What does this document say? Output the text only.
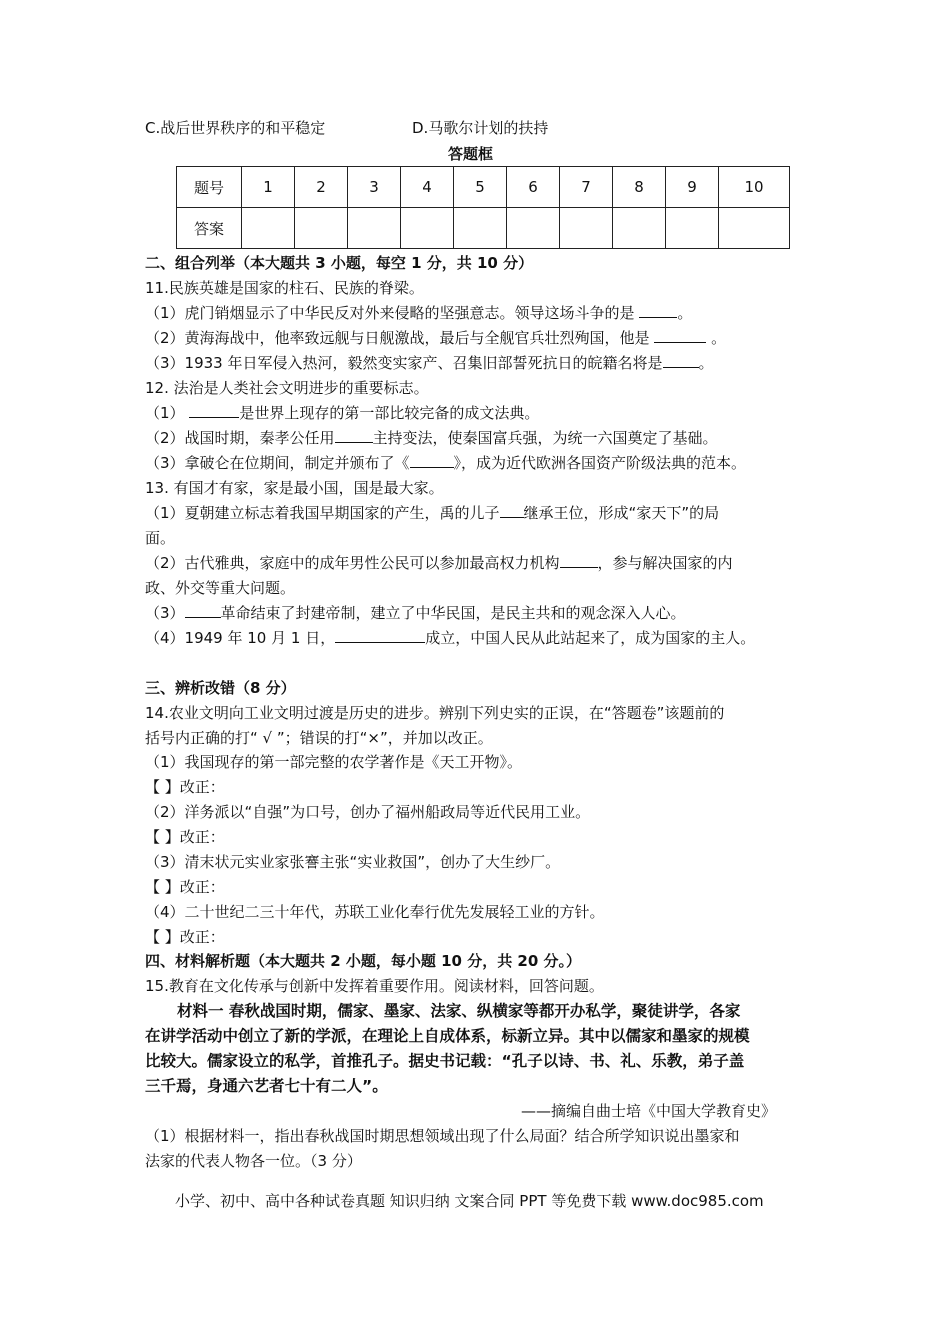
C.战后世界秩序的和平稳定	D.马歌尔计划的扶持
答题框
题号	1	2	3	4	5	6	7	8	9	10
答案										
二、组合列举（本大题共 3 小题，每空 1 分，共 10 分）
11.民族英雄是国家的柱石、民族的脊梁。
（1）虎门销烟显示了中华民反对外来侵略的坚强意志。领导这场斗争的是	。
（2）黄海海战中，他率致远舰与日舰激战，最后与全舰官兵壮烈殉国，他是	。
（3）1933 年日军侵入热河，毅然变实家产、召集旧部誓死抗日的皖籍名将是 。
12. 法治是人类社会文明进步的重要标志。
（1）	是世界上现存的第一部比较完备的成文法典。
（2）战国时期，秦孝公任用	主持变法，使秦国富兵强，为统一六国奠定了基础。
（3）拿破仑在位期间，制定并颁布了《	》，成为近代欧洲各国资产阶级法典的范本。
13. 有国才有家，家是最小国，国是最大家。
（1）夏朝建立标志着我国早期国家的产生，禹的儿子 继承王位，形成“家天下”的局
面。
（2）古代雅典，家庭中的成年男性公民可以参加最高权力机构	，参与解决国家的内
政、外交等重大问题。
（3） 革命结束了封建帝制，建立了中华民国，是民主共和的观念深入人心。
（4）1949 年 10 月 1 日，	成立，中国人民从此站起来了，成为国家的主人。
三、辨析改错（8 分）
14.农业文明向工业文明过渡是历史的进步。辨别下列史实的正误，在“答题卷”该题前的
括号内正确的打“ √ ”；错误的打“×”，并加以改正。
（1）我国现存的第一部完整的农学著作是《天工开物》。
【 】改正：
（2）洋务派以“自强”为口号，创办了福州船政局等近代民用工业。
【 】改正：
（3）清末状元实业家张謇主张“实业救国”，创办了大生纱厂。
【 】改正：
（4）二十世纪二三十年代，苏联工业化奉行优先发展轻工业的方针。
【 】改正：
四、材料解析题（本大题共 2 小题，每小题 10 分，共 20 分。）
15.教育在文化传承与创新中发挥着重要作用。阅读材料，回答问题。
材料一 春秋战国时期，儒家、墨家、法家、纵横家等都开办私学，聚徒讲学，各家
在讲学活动中创立了新的学派，在理论上自成体系，标新立异。其中以儒家和墨家的规模
比较大。儒家设立的私学，首推孔子。据史书记载：“孔子以诗、书、礼、乐教，弟子盖
三千焉，身通六艺者七十有二人”。
——摘编自曲士培《中国大学教育史》
（1）根据材料一，指出春秋战国时期思想领域出现了什么局面？结合所学知识说出墨家和
法家的代表人物各一位。（3 分）
小学、初中、高中各种试卷真题 知识归纳 文案合同 PPT 等免费下载 www.doc985.com
